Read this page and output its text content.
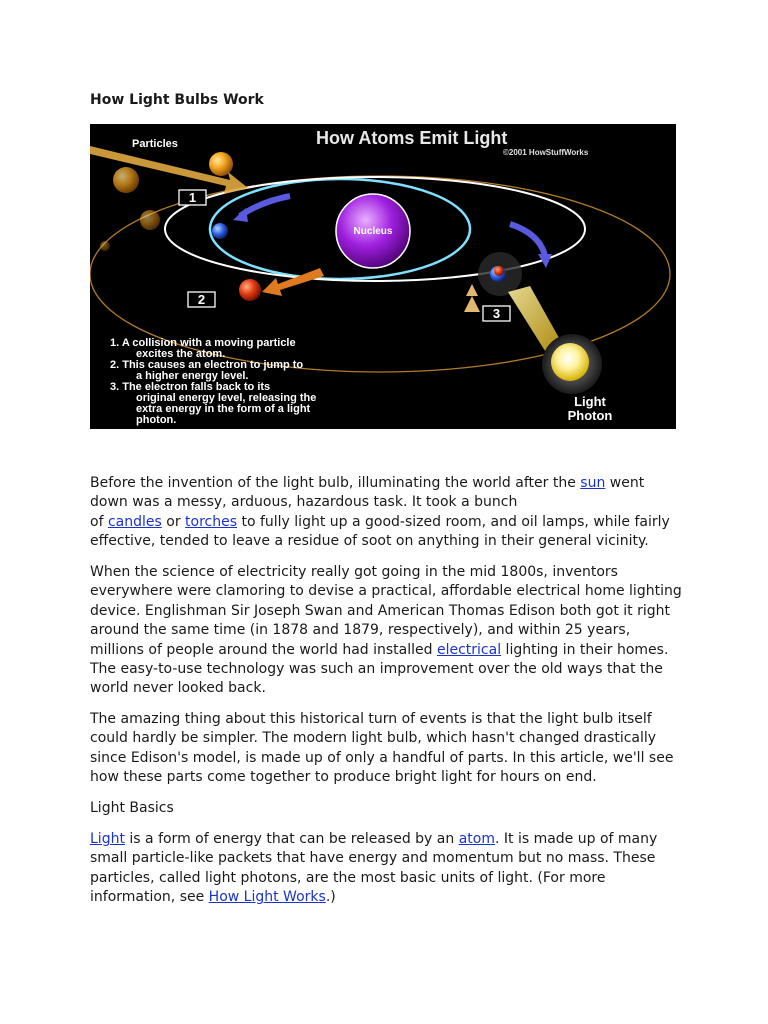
How Light Bulbs Work
Nucleus
1
2
3
How Atoms Emit Light
©2001 HowStuffWorks
Particles
Light
Photon
1. A collision with a moving particle
excites the atom.
2. This causes an electron to jump to
a higher energy level.
3. The electron falls back to its
original energy level, releasing the
extra energy in the form of a light
photon.
Before the invention of the light bulb, illuminating the world after the sun went
down was a messy, arduous, hazardous task. It took a bunch
of candles or torches to fully light up a good-sized room, and oil lamps, while fairly
effective, tended to leave a residue of soot on anything in their general vicinity.
When the science of electricity really got going in the mid 1800s, inventors
everywhere were clamoring to devise a practical, affordable electrical home lighting
device. Englishman Sir Joseph Swan and American Thomas Edison both got it right
around the same time (in 1878 and 1879, respectively), and within 25 years,
millions of people around the world had installed electrical lighting in their homes.
The easy-to-use technology was such an improvement over the old ways that the
world never looked back.
The amazing thing about this historical turn of events is that the light bulb itself
could hardly be simpler. The modern light bulb, which hasn't changed drastically
since Edison's model, is made up of only a handful of parts. In this article, we'll see
how these parts come together to produce bright light for hours on end.
Light Basics
Light is a form of energy that can be released by an atom. It is made up of many
small particle-like packets that have energy and momentum but no mass. These
particles, called light photons, are the most basic units of light. (For more
information, see How Light Works.)
